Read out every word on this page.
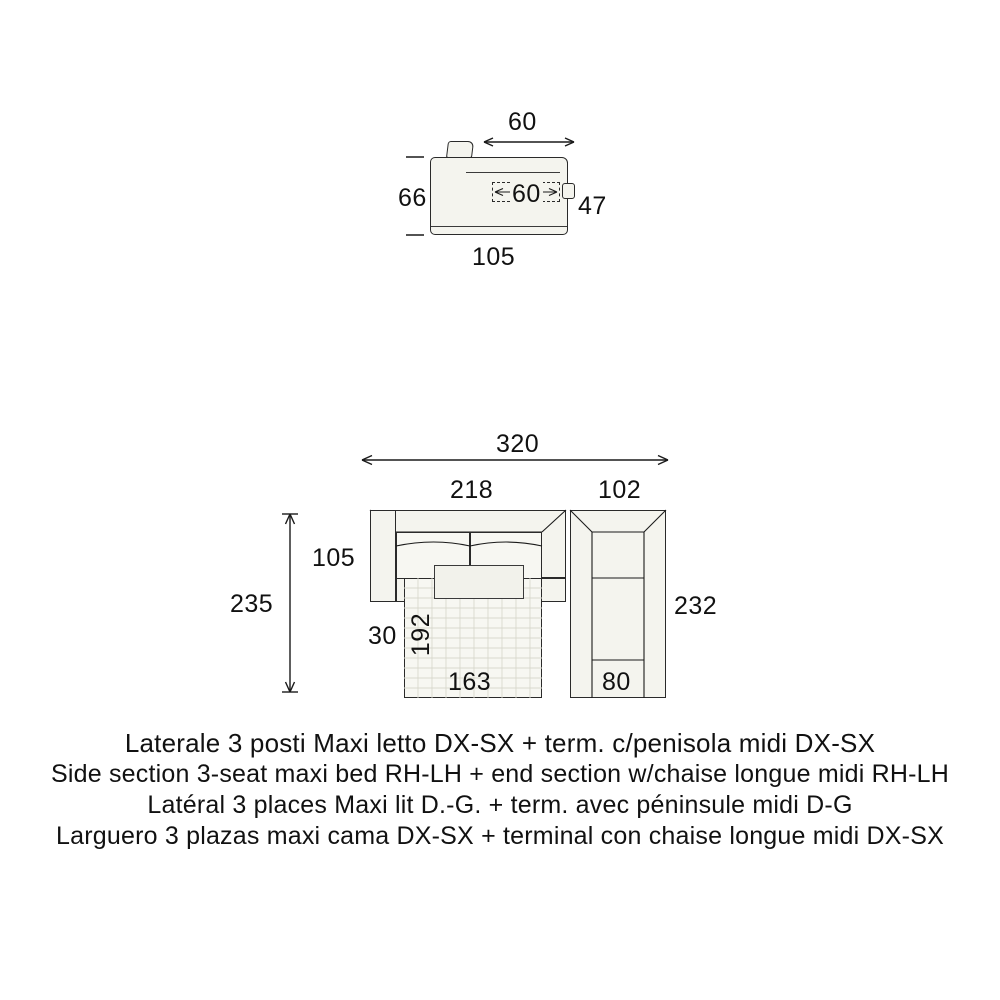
60
60
66	47
105
320
218	102
235
105
30 192
163
232
80
Laterale 3 posti Maxi letto DX-SX + term. c/penisola midi DX-SX
Side section 3-seat maxi bed RH-LH + end section w/chaise longue midi RH-LH
Latéral 3 places Maxi lit D.-G. + term. avec péninsule midi D-G
Larguero 3 plazas maxi cama DX-SX + terminal con chaise longue midi DX-SX
